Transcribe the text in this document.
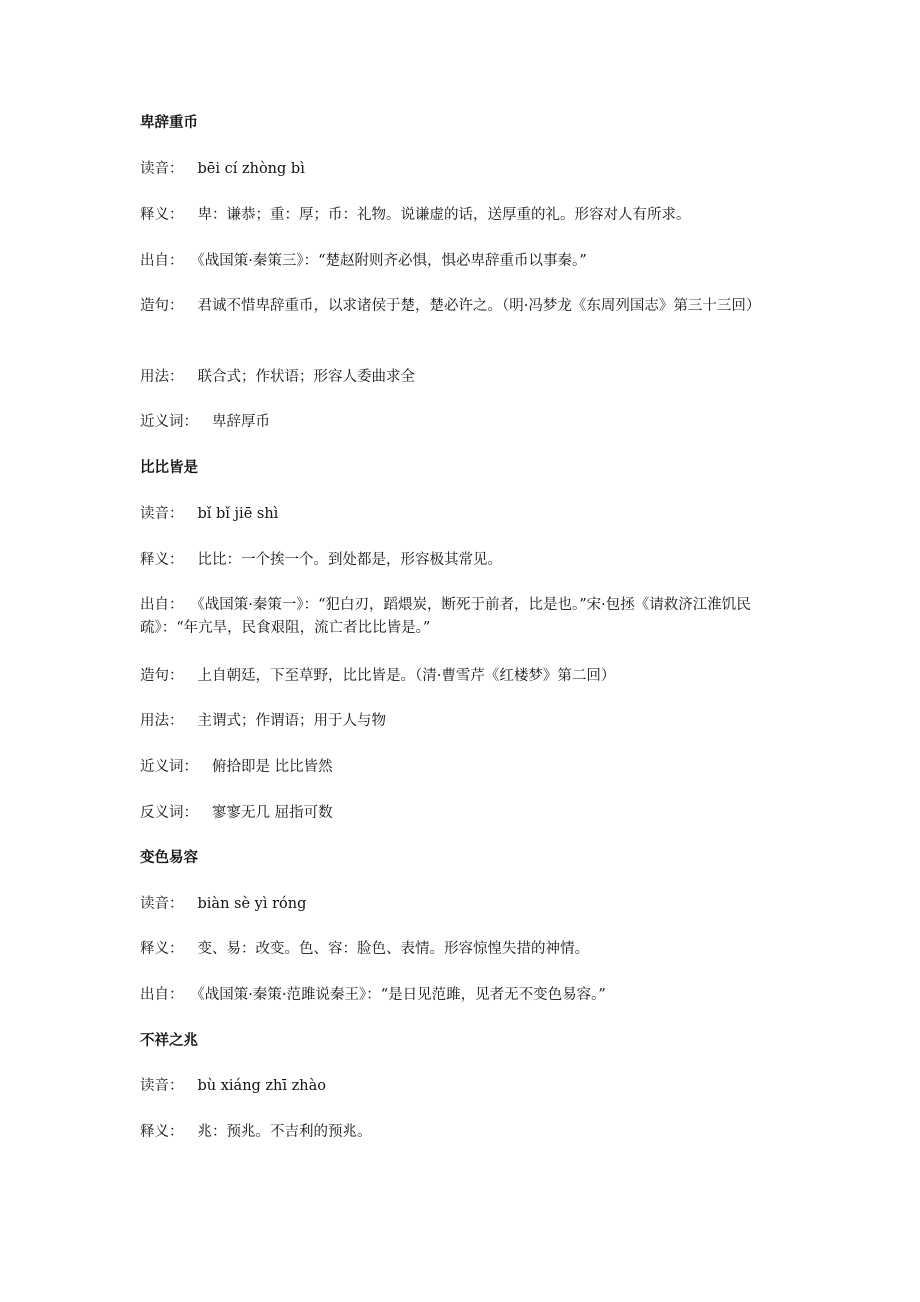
卑辞重币
读音： bēi cí zhòng bì
释义： 卑：谦恭；重：厚；币：礼物。说谦虚的话，送厚重的礼。形容对人有所求。
出自： 《战国策·秦策三》：“楚赵附则齐必惧，惧必卑辞重币以事秦。”
造句： 君诚不惜卑辞重币，以求诸侯于楚，楚必许之。（明·冯梦龙《东周列国志》第三十三回）
用法： 联合式；作状语；形容人委曲求全
近义词： 卑辞厚币
比比皆是
读音： bǐ bǐ jiē shì
释义： 比比：一个挨一个。到处都是，形容极其常见。
出自： 《战国策·秦策一》：“犯白刃，蹈煨炭，断死于前者，比是也。”宋·包拯《请救济江淮饥民疏》：“年亢旱，民食艰阻，流亡者比比皆是。”
造句： 上自朝廷，下至草野，比比皆是。（清·曹雪芹《红楼梦》第二回）
用法： 主谓式；作谓语；用于人与物
近义词： 俯拾即是 比比皆然
反义词： 寥寥无几 屈指可数
变色易容
读音： biàn sè yì róng
释义： 变、易：改变。色、容：脸色、表情。形容惊惶失措的神情。
出自： 《战国策·秦策·范雎说秦王》：“是日见范雎，见者无不变色易容。”
不祥之兆
读音： bù xiáng zhī zhào
释义： 兆：预兆。不吉利的预兆。
